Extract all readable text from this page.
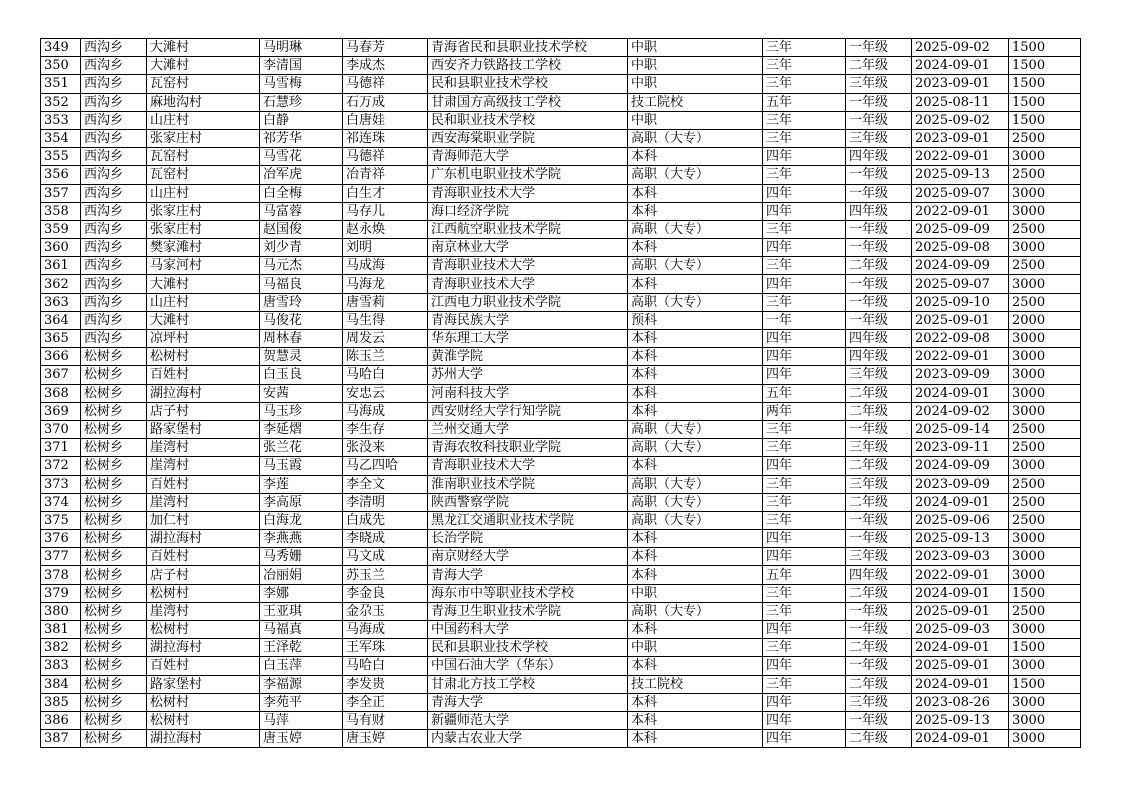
349	西沟乡	大滩村	马明琳	马春芳	青海省民和县职业技术学校	中职	三年	一年级	2025-09-02	1500
350	西沟乡	大滩村	李清国	李成杰	西安齐力铁路技工学校	中职	三年	二年级	2024-09-01	1500
351	西沟乡	瓦窑村	马雪梅	马德祥	民和县职业技术学校	中职	三年	三年级	2023-09-01	1500
352	西沟乡	麻地沟村	石慧珍	石万成	甘肃国方高级技工学校	技工院校	五年	一年级	2025-08-11	1500
353	西沟乡	山庄村	白静	白唐娃	民和职业技术学校	中职	三年	一年级	2025-09-02	1500
354	西沟乡	张家庄村	祁芳华	祁连珠	西安海棠职业学院	高职（大专）	三年	三年级	2023-09-01	2500
355	西沟乡	瓦窑村	马雪花	马德祥	青海师范大学	本科	四年	四年级	2022-09-01	3000
356	西沟乡	瓦窑村	冶军虎	冶青祥	广东机电职业技术学院	高职（大专）	三年	一年级	2025-09-13	2500
357	西沟乡	山庄村	白全梅	白生才	青海职业技术大学	本科	四年	一年级	2025-09-07	3000
358	西沟乡	张家庄村	马富蓉	马存儿	海口经济学院	本科	四年	四年级	2022-09-01	3000
359	西沟乡	张家庄村	赵国俊	赵永焕	江西航空职业技术学院	高职（大专）	三年	一年级	2025-09-09	2500
360	西沟乡	樊家滩村	刘少青	刘明	南京林业大学	本科	四年	一年级	2025-09-08	3000
361	西沟乡	马家河村	马元杰	马成海	青海职业技术大学	高职（大专）	三年	二年级	2024-09-09	2500
362	西沟乡	大滩村	马福良	马海龙	青海职业技术大学	本科	四年	一年级	2025-09-07	3000
363	西沟乡	山庄村	唐雪玲	唐雪莉	江西电力职业技术学院	高职（大专）	三年	一年级	2025-09-10	2500
364	西沟乡	大滩村	马俊花	马生得	青海民族大学	预科	一年	一年级	2025-09-01	2000
365	西沟乡	凉坪村	周林春	周发云	华东理工大学	本科	四年	四年级	2022-09-08	3000
366	松树乡	松树村	贺慧灵	陈玉兰	黄淮学院	本科	四年	四年级	2022-09-01	3000
367	松树乡	百姓村	白玉良	马哈白	苏州大学	本科	四年	三年级	2023-09-09	3000
368	松树乡	湖拉海村	安茜	安忠云	河南科技大学	本科	五年	二年级	2024-09-01	3000
369	松树乡	店子村	马玉珍	马海成	西安财经大学行知学院	本科	两年	二年级	2024-09-02	3000
370	松树乡	路家堡村	李延熠	李生存	兰州交通大学	高职（大专）	三年	一年级	2025-09-14	2500
371	松树乡	崖湾村	张兰花	张没来	青海农牧科技职业学院	高职（大专）	三年	三年级	2023-09-11	2500
372	松树乡	崖湾村	马玉霞	马乙四哈	青海职业技术大学	本科	四年	二年级	2024-09-09	3000
373	松树乡	百姓村	李莲	李全文	淮南职业技术学院	高职（大专）	三年	三年级	2023-09-09	2500
374	松树乡	崖湾村	李高原	李清明	陕西警察学院	高职（大专）	三年	二年级	2024-09-01	2500
375	松树乡	加仁村	白海龙	白成先	黑龙江交通职业技术学院	高职（大专）	三年	一年级	2025-09-06	2500
376	松树乡	湖拉海村	李燕燕	李晓成	长治学院	本科	四年	一年级	2025-09-13	3000
377	松树乡	百姓村	马秀姗	马文成	南京财经大学	本科	四年	三年级	2023-09-03	3000
378	松树乡	店子村	冶丽娟	苏玉兰	青海大学	本科	五年	四年级	2022-09-01	3000
379	松树乡	松树村	李娜	李金良	海东市中等职业技术学校	中职	三年	二年级	2024-09-01	1500
380	松树乡	崖湾村	王亚琪	金尕玉	青海卫生职业技术学院	高职（大专）	三年	一年级	2025-09-01	2500
381	松树乡	松树村	马福真	马海成	中国药科大学	本科	四年	一年级	2025-09-03	3000
382	松树乡	湖拉海村	王泽乾	王军珠	民和县职业技术学校	中职	三年	二年级	2024-09-01	1500
383	松树乡	百姓村	白玉萍	马哈白	中国石油大学（华东）	本科	四年	一年级	2025-09-01	3000
384	松树乡	路家堡村	李福源	李发贵	甘肃北方技工学校	技工院校	三年	二年级	2024-09-01	1500
385	松树乡	松树村	李苑平	李全正	青海大学	本科	四年	三年级	2023-08-26	3000
386	松树乡	松树村	马萍	马有财	新疆师范大学	本科	四年	一年级	2025-09-13	3000
387	松树乡	湖拉海村	唐玉婷	唐玉婷	内蒙古农业大学	本科	四年	二年级	2024-09-01	3000
